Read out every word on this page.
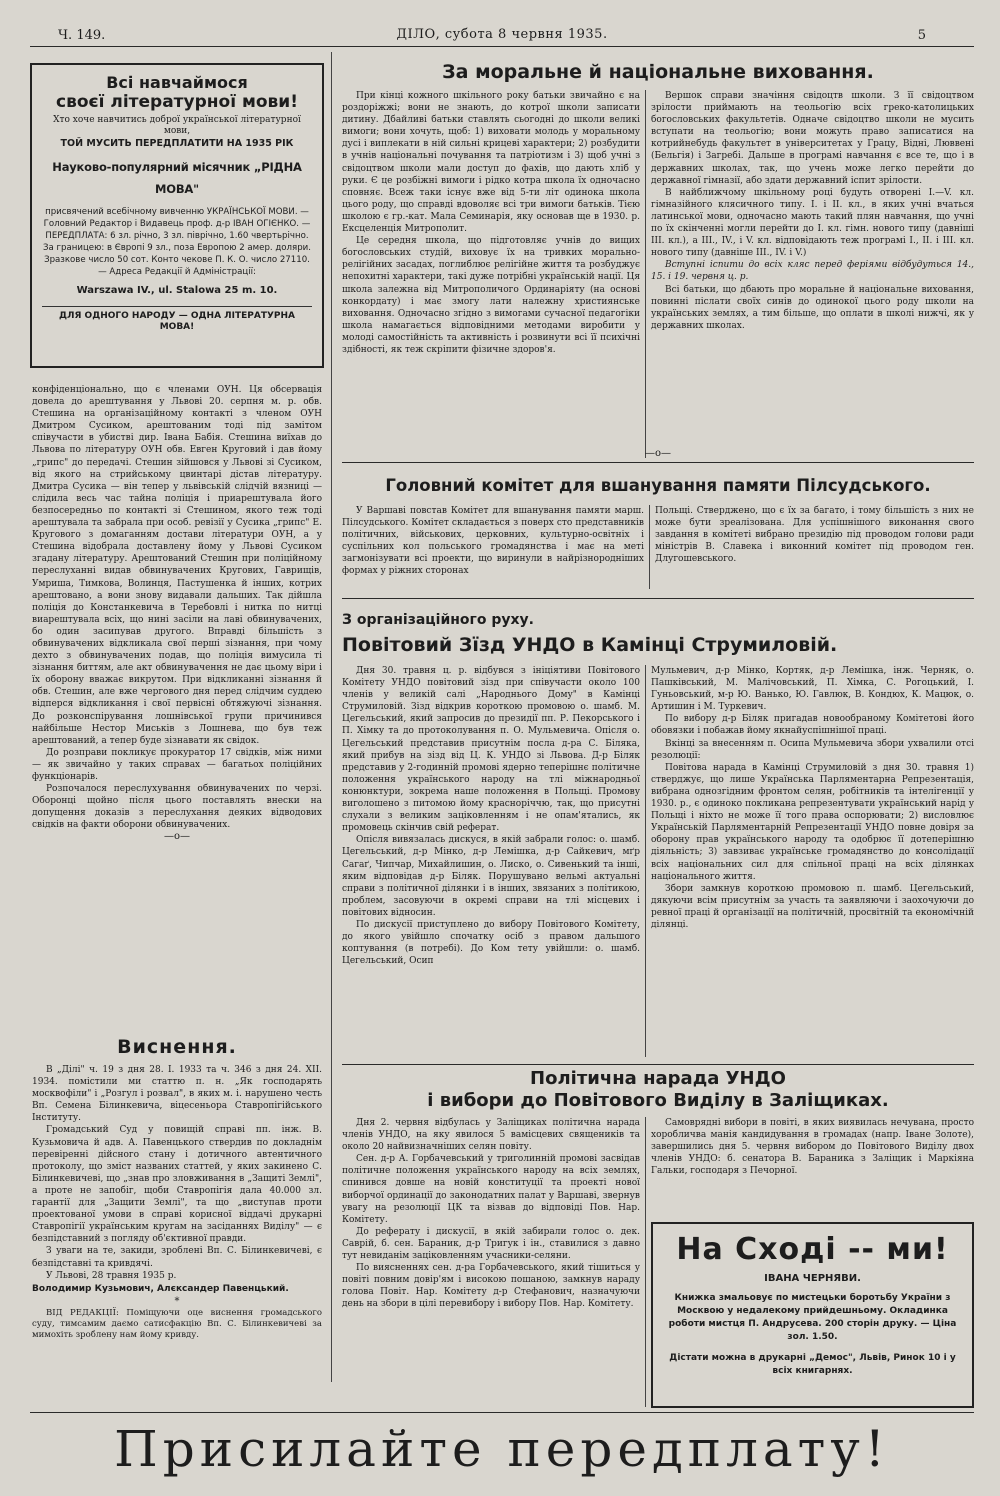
Ч. 149.	ДІЛО, субота 8 червня 1935.	5
Всі навчаймося
своєї літературної мови!
Хто хоче навчитись доброї української літературної мови,
ТОЙ МУСИТЬ ПЕРЕДПЛАТИТИ НА 1935 РІК
Науково-популярний місячник „РІДНА МОВА"
присвячений всебічному вивченню УКРАЇНСЬКОЇ МОВИ. — Головний Редактор і Видавець проф. д-р ІВАН ОГІЄНКО. — ПЕРЕДПЛАТА: 6 зл. річно, 3 зл. піврічно, 1.60 чвертьрічно. За границею: в Європі 9 зл., поза Европою 2 амер. доляри. Зразкове число 50 сот. Конто чекове П. К. О. число 27110. — Адреса Редакції й Адміністрації:
Warszawa IV., ul. Stalowa 25 m. 10.
ДЛЯ ОДНОГО НАРОДУ — ОДНА ЛІТЕРАТУРНА МОВА!

конфіденціонально, що є членами ОУН. Ця обсервація довела до арештування у Львові 20. серпня м. р. обв. Стешина на організаційному контакті з членом ОУН Дмитром Сусиком, арештованим тоді під замітом співучасти в убистві дир. Івана Бабія. Стешина виїхав до Львова по літературу ОУН обв. Евген Круговий і дав йому „грипс" до передачі. Стешин зійшовся у Львові зі Сусиком, від якого на стрийському цвинтарі дістав літературу. Дмитра Сусика — він тепер у львівській слідчій вязниці — слідила весь час тайна поліція і приарештувала його безпосередньо по контакті зі Стешином, якого теж тоді арештувала та забрала при особ. ревізії у Сусика „грипс" Е. Кругового з домаганням достави літератури ОУН, а у Стешина відобрала доставлену йому у Львові Сусиком згадану літературу. Арештований Стешин при поліційному переслуханні видав обвинувачених Кругових, Гаврищів, Умриша, Тимкова, Волинця, Пастушенка й інших, котрих арештовано, а вони знову видавали дальших. Так дійшла поліція до Констанкевича в Теребовлі і нитка по нитці виарештувала всіх, що нині засіли на лаві обвинувачених, бо один засипував другого. Вправді більшість з обвинувачених відкликала свої перші зізнання, при чому дехто з обвинувачених подав, що поліція вимусила ті зізнання биттям, але акт обвинувачення не дає цьому віри і їх оборону вважає викрутом. При відкликанні зізнання й обв. Стешин, але вже чергового дня перед слідчим суддею відперся відкликання і свої первісні обтяжуючі зізнання. До розконспірування лошнівської групи причинився найбільше Нестор Миськів з Лошнева, що був теж арештований, а тепер буде зізнавати як свідок.

До розправи покликує прокуратор 17 свідків, між ними — як звичайно у таких справах — багатьох поліційних функціонарів.

Розпочалося переслухування обвинувачених по черзі. Оборонці щойно після цього поставлять внески на допущення доказів з переслухання деяких відводових свідків на факти оборони обвинувачених.

—o—
Виснення.

В „Ділі" ч. 19 з дня 28. І. 1933 та ч. 346 з дня 24. XII. 1934. помістили ми статтю п. н. „Як господарять москвофіли" і „Розгул і розвал", в яких м. і. нарушено честь Вп. Семена Білинкевича, віцесеньора Ставропігійського Інституту.

Громадський Суд у повищій справі пп. інж. В. Кузьмовича й адв. А. Павенцького ствердив по докладнім перевіренні дійсного стану і дотичного автентичного протоколу, що зміст названих статтей, у яких закинено С. Білинкевичеві, що „знав про зловживання в „Защиті Землі", а проте не запобіг, щоби Ставропігія дала 40.000 зл. гарантії для „Защити Землі", та що „виступав проти проектованої умови в справі корисної віддачі друкарні Ставропігії українським кругам на засіданнях Виділу" — є безпідставний з погляду об'єктивної правди.

З уваги на те, закиди, зроблені Вп. С. Білинкевичеві, є безпідставні та кривдячі.

У Львові, 28 травня 1935 р.

Володимир Кузьмович, Алєксандер Павенцький.
*

ВІД РЕДАКЦІЇ: Поміщуючи оце виснення громадського суду, тимсамим даємо сатисфакцію Вп. С. Білинкевичеві за мимохіть зроблену нам йому кривду.

За моральне й національне виховання.

При кінці кожного шкільного року батьки звичайно є на роздоріжжі; вони не знають, до котрої школи записати дитину. Дбайливі батьки ставлять сьогодні до школи великі вимоги; вони хочуть, щоб: 1) виховати молодь у моральному дусі і виплекати в ній сильні крицеві характери; 2) розбудити в учнів національні почування та патріотизм і 3) щоб учні з свідоцтвом школи мали доступ до фахів, що дають хліб у руки. Є це розбіжні вимоги і рідко котра школа їх одночасно сповняє. Всеж таки існує вже від 5-ти літ одинока школа цього роду, що справді вдоволяє всі три вимоги батьків. Тією школою є гр.-кат. Мала Семинарія, яку основав ще в 1930. р. Ексцеленція Митрополит.

Це середня школа, що підготовляє учнів до вищих богословських студій, виховує їх на тривких морально-релігійних засадах, поглиблює релігійне життя та розбуджує непохитні характери, такі дуже потрібні українській нації. Ця школа залежна від Митрополичого Ординаріяту (на основі конкордату) і має змогу лати належну християнське виховання. Одночасно згідно з вимогами сучасної педагогіки школа намагається відповідними методами виробити у молоді самостійність та активність і розвинути всі її психічні здібності, як теж скріпити фізичне здоров'я.

Вершок справи значіння свідоцтв школи. З її свідоцтвом зрілости приймають на теольогію всіх греко-католицьких богословських факультетів. Одначе свідоцтво школи не мусить вступати на теольогію; вони можуть право записатися на котрийнебудь факультет в університетах у Грацу, Відні, Люввені (Бельгія) і Загребі. Дальше в програмі навчання є все те, що і в державних школах, так, що учень може легко перейти до державної гімназії, або здати державний іспит зрілости.

В найближчому шкільному році будуть отворені І.—V. кл. гімназійного клясичного типу. І. і ІІ. кл., в яких учні вчаться латинської мови, одночасно мають такий плян навчання, що учні по їх скінченні могли перейти до І. кл. гімн. нового типу (давніші ІІІ. кл.), а ІІІ., IV., і V. кл. відповідають теж програмі І., ІІ. і ІІІ. кл. нового типу (давніше ІІІ., IV. і V.)

Вступні іспити до всіх кляс перед феріями відбудуться 14., 15. і 19. червня ц. р.

Всі батьки, що дбають про моральне й національне виховання, повинні післати своїх синів до одинокої цього роду школи на українських землях, а тим більше, що оплати в школі нижчі, як у державних школах.

—o—
Головний комітет для вшанування памяти Пілсудського.

У Варшаві повстав Комітет для вшанування памяти марш. Пілсудського. Комітет складається з поверх сто представників політичних, військових, церковних, культурно-освітніх і суспільних кол польського громадянства і має на меті загмонізувати всі проекти, що виринули в найрізнородніших формах у ріжних сторонах

Польщі. Стверджено, що є їх за багато, і тому більшість з них не може бути зреалізована. Для успішнішого виконання свого завдання в комітеті вибрано президію під проводом голови ради міністрів В. Славека і виконний комітет під проводом ген. Длугошевського.

З організаційного руху.
Повітовий Зїзд УНДО в Камінці Струмиловій.

Дня 30. травня ц. р. відбувся з ініціятиви Повітового Комітету УНДО повітовий зізд при співучасти около 100 членів у великій салі „Народнього Дому" в Камінці Струмиловій. Зізд відкрив короткою промовою о. шамб. М. Цегельський, який запросив до президії пп. Р. Пекорського і П. Хімку та до протоколування п. О. Мульмевича. Опісля о. Цегельський представив присутнім посла д-ра С. Біляка, який прибув на зізд від Ц. К. УНДО зі Львова. Д-р Біляк представив у 2-годинній промові ядерно теперішнє політичне положення українського народу на тлі міжнародньої конюнктури, зокрема наше положення в Польщі. Промову виголошено з питомою йому красноріччю, так, що присутні слухали з великим заціковленням і не опам'ятались, як промовець скінчив свій реферат.

Опісля вивязалась дискуся, в якій забрали голос: о. шамб. Цегельський, д-р Мінко, д-р Лемішка, д-р Сайкевич, мґр Сагаґ, Чипчар, Михайлишин, о. Лиско, о. Сивенький та інші, яким відповідав д-р Біляк. Порушувано вельмі актуальні справи з політичної ділянки і в інших, звязаних з політикою, проблем, засовуючи в окремі справи на тлі місцевих і повітових відносин.

По дискусії приступлено до вибору Повітового Комітету, до якого увійшло спочатку осіб з правом дальшого коптування (в потребі). До Ком тету увійшли: о. шамб. Цегельський, Осип

Мульмевич, д-р Мінко, Кортяк, д-р Лемішка, інж. Черняк, о. Пашківський, М. Малічовський, П. Хімка, С. Рогоцький, І. Гуньовський, м-р Ю. Ванько, Ю. Гавлюк, В. Кондюх, К. Мацюк, о. Артишин і М. Туркевич.

По вибору д-р Біляк пригадав новообраному Комітетові його обовязки і побажав йому якнайуспішнішої праці.

Вкінці за внесенням п. Осипа Мульмевича збори ухвалили отсі резолюції:

Повітова нарада в Камінці Струмиловій з дня 30. травня 1) стверджує, що лише Українська Парляментарна Репрезентація, вибрана однозгідним фронтом селян, робітників та інтелігенції у 1930. р., є одиноко покликана репрезентувати український нарід у Польщі і ніхто не може її того права оспорювати; 2) висловлює Українській Парляментарній Репрезентації УНДО повне довіря за оборону прав українського народу та одобрює її дотеперішню діяльність; 3) завзиває українське громадянство до консолідації всіх національних сил для спільної праці на всіх ділянках національного життя.

Збори замкнув короткою промовою п. шамб. Цегельський, дякуючи всім присутнім за участь та заявляючи і заохочуючи до ревної праці й організації на політичній, просвітній та економічній ділянці.

Політична нарада УНДО
і вибори до Повітового Виділу в Заліщиках.

Дня 2. червня відбулась у Заліщиках політична нарада членів УНДО, на яку явилося 5 вамісцевих священиків та около 20 найвизначніших селян повіту.

Сен. д-р А. Горбачевський у триголинній промові засвідав політичне положення українського народу на всіх землях, спинився довше на новій конституції та проекті нової виборчої ординації до законодатних палат у Варшаві, звернув увагу на резолюції ЦК та візвав до відповіді Пов. Нар. Комітету.

До реферату і дискусії, в якій забирали голос о. дек. Саврій, б. сен. Бараник, д-р Тригук і ін., ставилися з давно тут невиданім заціковленням учасники-селяни.

По виясненнях сен. д-ра Горбачевського, який тішиться у повіті повним довір'ям і високою пошаною, замкнув нараду голова Повіт. Нар. Комітету д-р Стефанович, назначуючи день на збори в цілі перевибору і вибору Пов. Нар. Комітету.

Самоврядні вибори в повіті, в яких виявилась нечувана, просто хоробличва манія кандидування в громадах (напр. Іване Золоте), завершились дня 5. червня вибором до Повітового Виділу двох членів УНДО: б. сенатора В. Бараника з Заліщик і Маркіяна Гальки, господаря з Печорної.

На Сході -- ми!
ІВАНА ЧЕРНЯВИ.
Книжка змальовує по мистецьки боротьбу України з Москвою у недалекому прийдешньому. Окладинка роботи мистця П. Андрусева. 200 сторін друку. — Ціна зол. 1.50.
Дістати можна в друкарні „Демос", Львів, Ринок 10 і у всіх книгарнях.
Присилайте передплату!
